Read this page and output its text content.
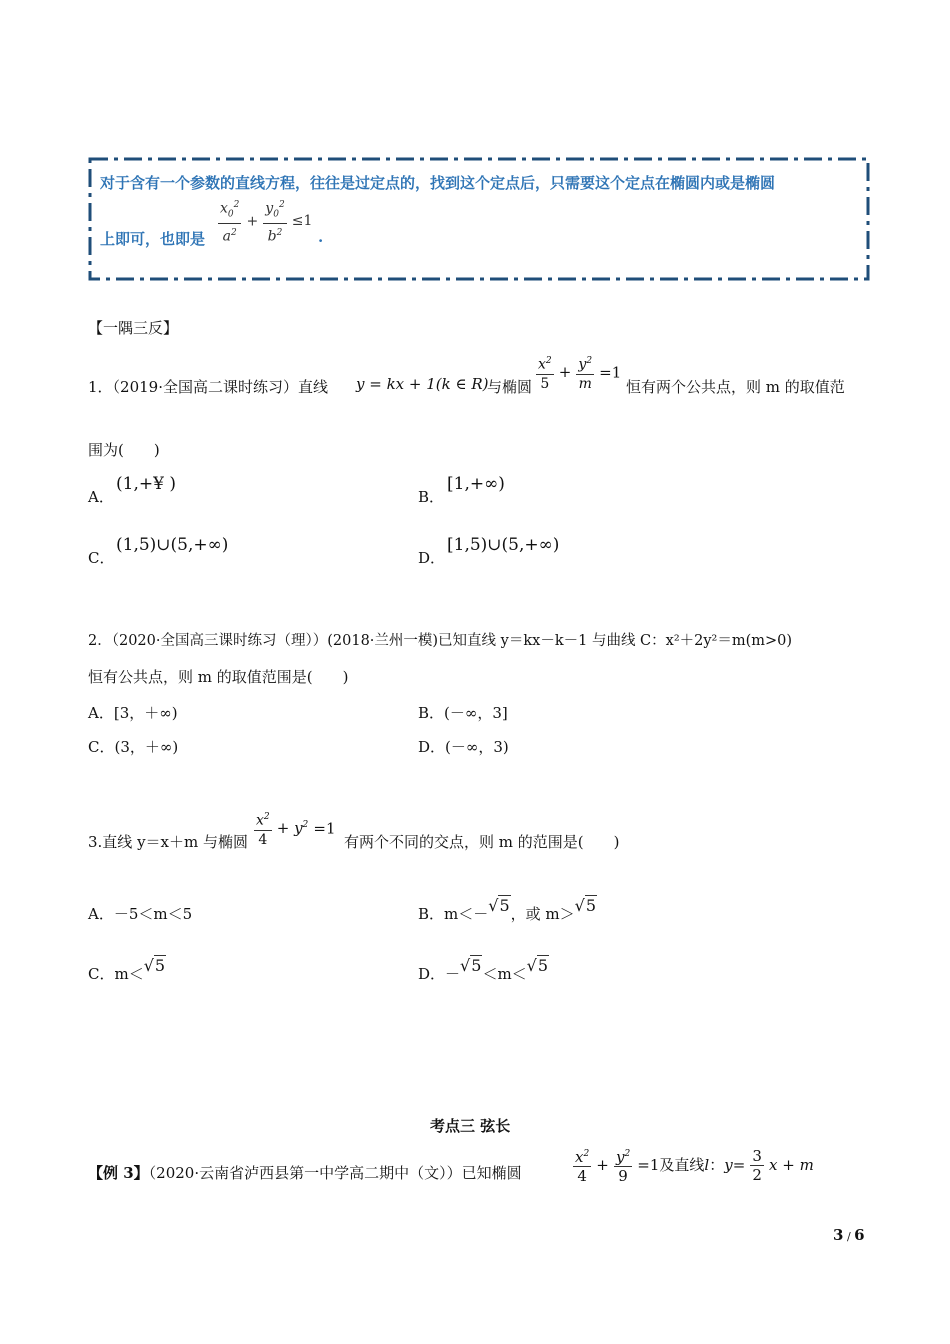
对于含有一个参数的直线方程，往往是过定点的，找到这个定点后，只需要这个定点在椭圆内或是椭圆
上即可，也即是 $\frac{x_0^2}{a^2} + \frac{y_0^2}{b^2} \le 1$
.
【一隅三反】
1．（2019·全国高二课时练习）直线 y = kx + 1(k ∈ R)
与椭圆 $\frac{x^2}{5} + \frac{y^2}{m} =1$
恒有两个公共点，则 m 的取值范
围为(　　)
A．
(1,+¥ )
B．
[1,+∞)
C．
(1,5)∪(5,+∞)
D．
[1,5)∪(5,+∞)
2．（2020·全国高三课时练习（理））(2018·兰州一模)已知直线 y＝kx－k－1 与曲线 C：x²＋2y²＝m(m>0)
恒有公共点，则 m 的取值范围是(　　)
A．[3，＋∞)	B．(－∞，3]
C．(3，＋∞)	D．(－∞，3)
3.直线 y＝x＋m 与椭圆 $\frac{x^2}{4} + y^2 =1$
有两个不同的交点，则 m 的范围是(　　)
A．－5＜m＜5	B．m＜－√5，或 m＞√5
C．m＜√5	D．－√5＜m＜√5
考点三 弦长
【例 3】（2020·云南省泸西县第一中学高二期中（文））已知椭圆	$\frac{x^2}{4} + \frac{y^2}{9} =1$及直线l：$y= \frac{3}{2}$ x + m
3 / 6
